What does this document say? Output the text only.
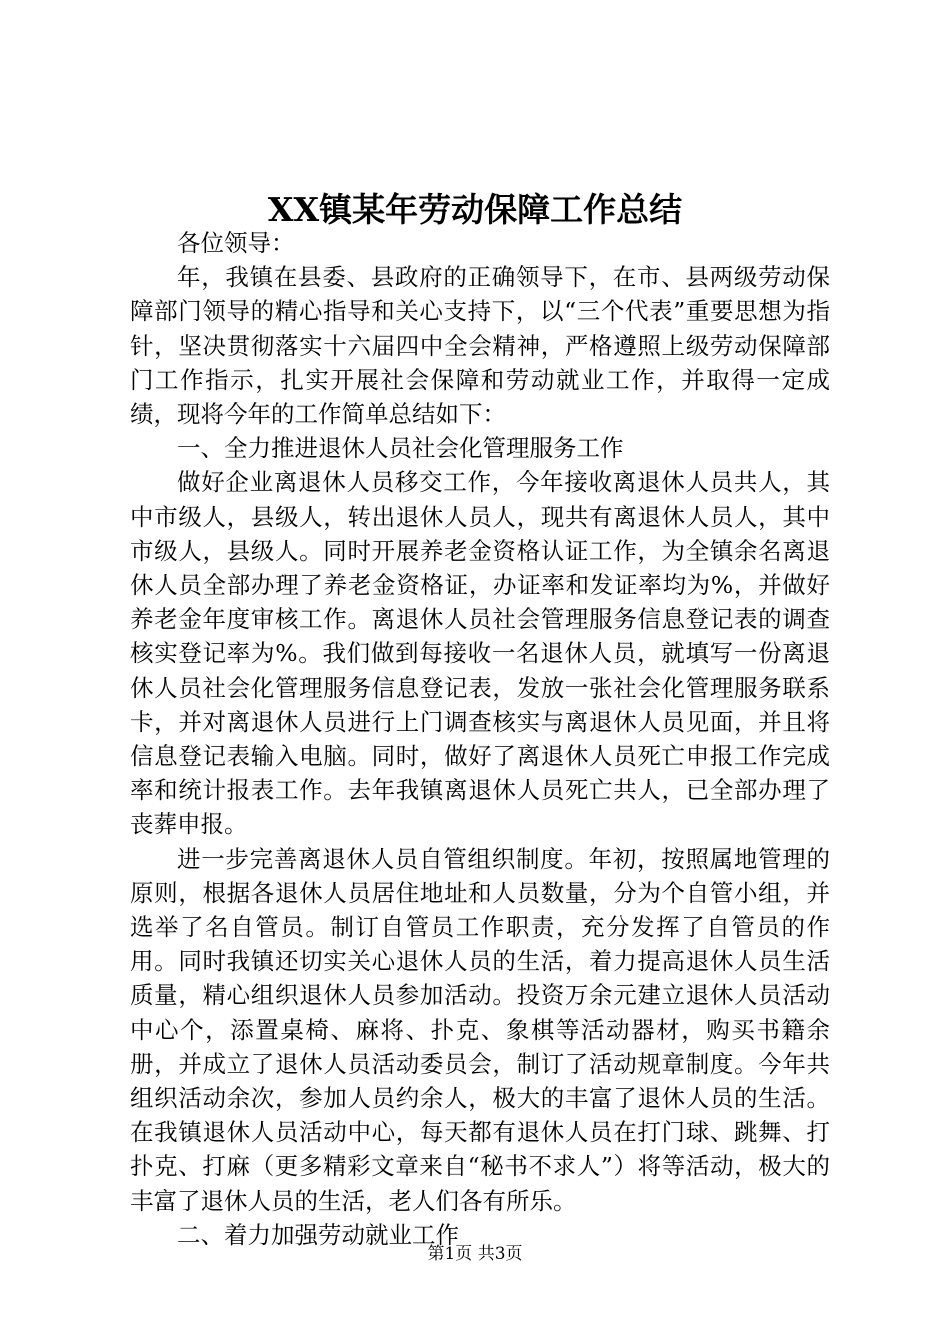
XX镇某年劳动保障工作总结

各位领导：

年，我镇在县委、县政府的正确领导下，在市、县两级劳动保障部门领导的精心指导和关心支持下，以“三个代表”重要思想为指针，坚决贯彻落实十六届四中全会精神，严格遵照上级劳动保障部门工作指示，扎实开展社会保障和劳动就业工作，并取得一定成绩，现将今年的工作简单总结如下：

一、全力推进退休人员社会化管理服务工作

做好企业离退休人员移交工作，今年接收离退休人员共人，其中市级人，县级人，转出退休人员人，现共有离退休人员人，其中市级人，县级人。同时开展养老金资格认证工作，为全镇余名离退休人员全部办理了养老金资格证，办证率和发证率均为%，并做好养老金年度审核工作。离退休人员社会管理服务信息登记表的调查核实登记率为%。我们做到每接收一名退休人员，就填写一份离退休人员社会化管理服务信息登记表，发放一张社会化管理服务联系卡，并对离退休人员进行上门调查核实与离退休人员见面，并且将信息登记表输入电脑。同时，做好了离退休人员死亡申报工作完成率和统计报表工作。去年我镇离退休人员死亡共人，已全部办理了丧葬申报。

进一步完善离退休人员自管组织制度。年初，按照属地管理的原则，根据各退休人员居住地址和人员数量，分为个自管小组，并选举了名自管员。制订自管员工作职责，充分发挥了自管员的作用。同时我镇还切实关心退休人员的生活，着力提高退休人员生活质量，精心组织退休人员参加活动。投资万余元建立退休人员活动中心个，添置桌椅、麻将、扑克、象棋等活动器材，购买书籍余册，并成立了退休人员活动委员会，制订了活动规章制度。今年共组织活动余次，参加人员约余人，极大的丰富了退休人员的生活。在我镇退休人员活动中心，每天都有退休人员在打门球、跳舞、打扑克、打麻（更多精彩文章来自“秘书不求人”）将等活动，极大的丰富了退休人员的生活，老人们各有所乐。

二、着力加强劳动就业工作

第1页 共3页
